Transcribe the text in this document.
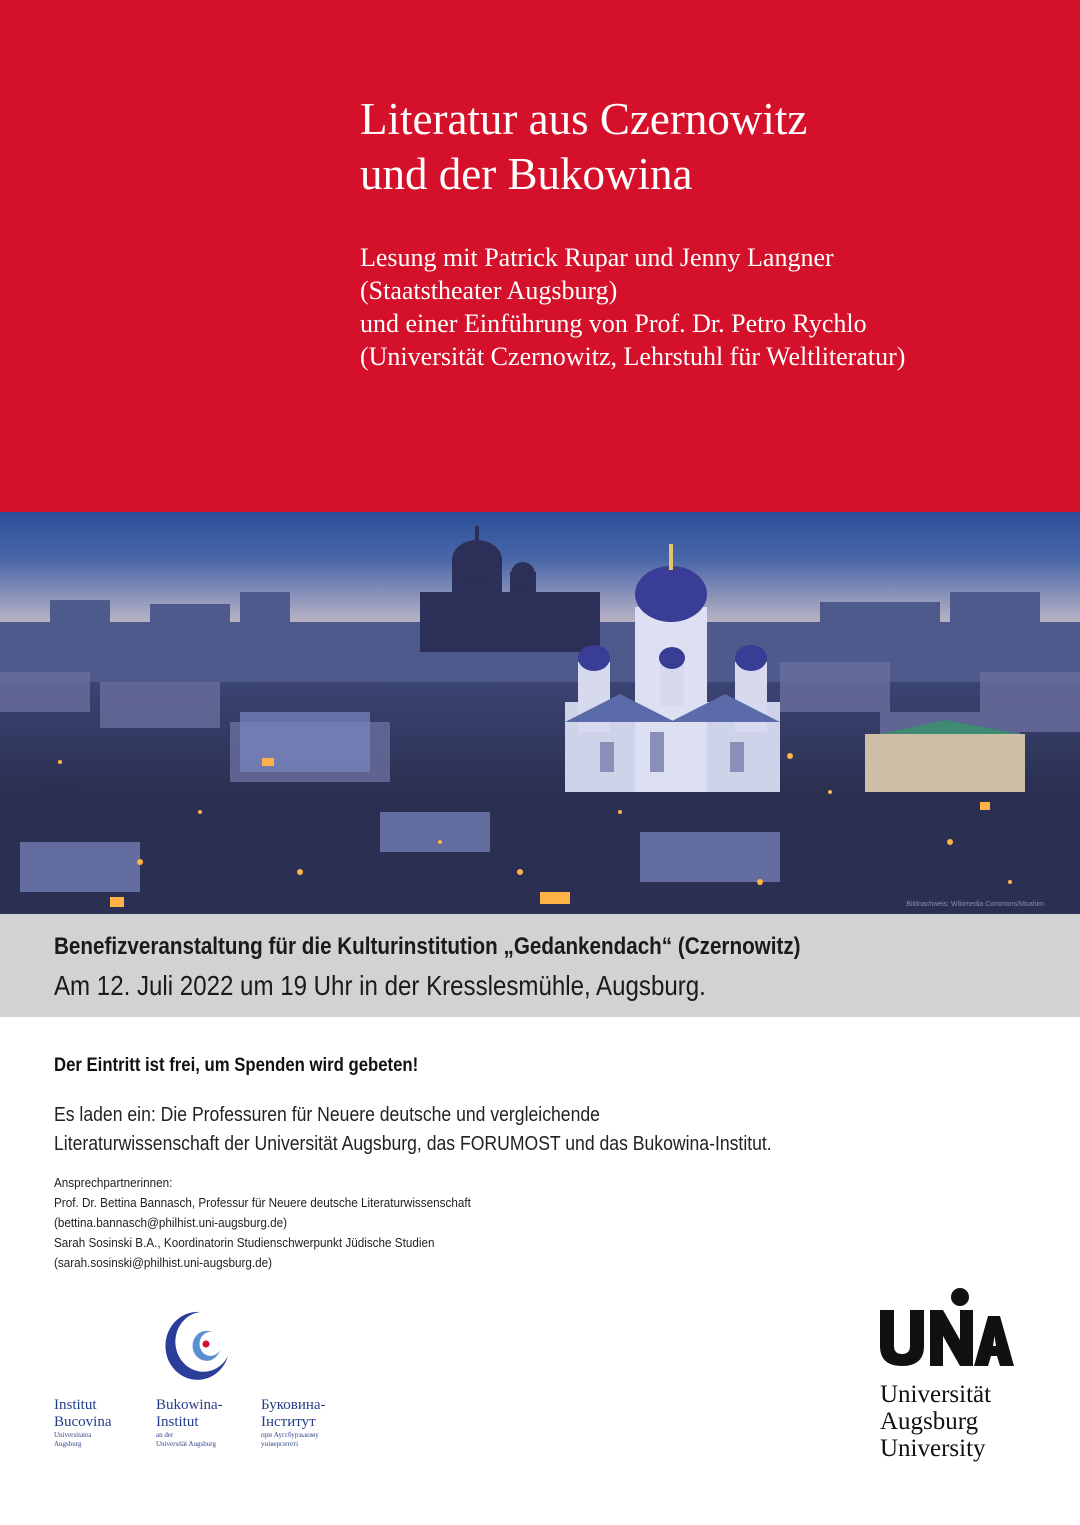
Literatur aus Czernowitz
und der Bukowina
Lesung mit Patrick Rupar und Jenny Langner
(Staatstheater Augsburg)
und einer Einführung von Prof. Dr. Petro Rychlo
(Universität Czernowitz, Lehrstuhl für Weltliteratur)
Bildnachweis: Wikimedia Commons/Moahim
Benefizveranstaltung für die Kulturinstitution „Gedankendach“ (Czernowitz)
Am 12. Juli 2022 um 19 Uhr in der Kresslesmühle, Augsburg.
Der Eintritt ist frei, um Spenden wird gebeten!
Es laden ein: Die Professuren für Neuere deutsche und vergleichende
Literaturwissenschaft der Universität Augsburg, das FORUMOST und das Bukowina-Institut.
Ansprechpartnerinnen:
Prof. Dr. Bettina Bannasch, Professur für Neuere deutsche Literaturwissenschaft
(bettina.bannasch@philhist.uni-augsburg.de)
Sarah Sosinski B.A., Koordinatorin Studienschwerpunkt Jüdische Studien
(sarah.sosinski@philhist.uni-augsburg.de)
Institut
Bucovina
Universitatea
Augsburg
Bukowina-
Institut
an der
Universität Augsburg
Буковина-
Інститут
при Аугсбурзькому
університеті
Universität
Augsburg
University
